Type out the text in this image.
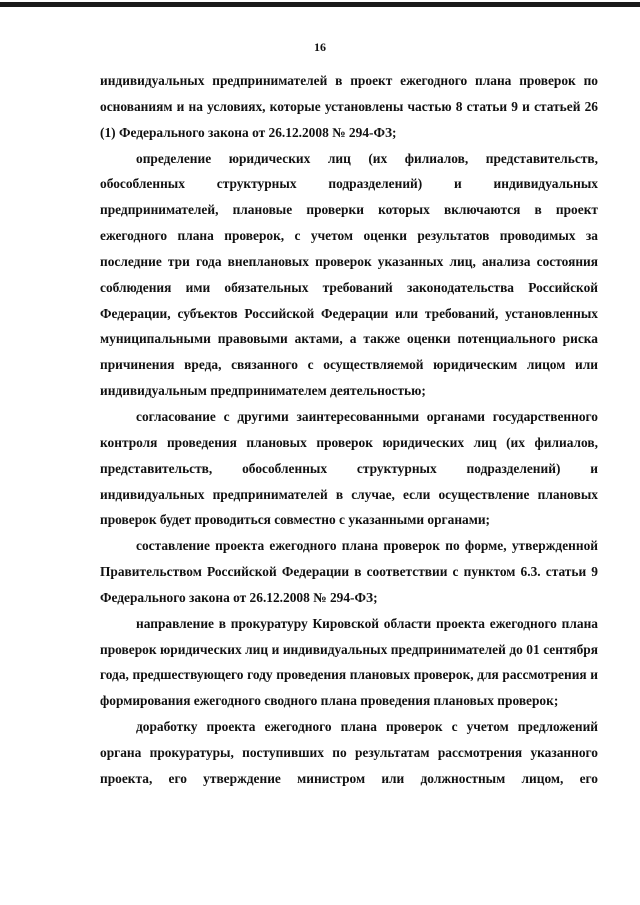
16

индивидуальных предпринимателей в проект ежегодного плана проверок по основаниям и на условиях, которые установлены частью 8 статьи 9 и статьей 26 (1) Федерального закона от 26.12.2008 № 294-ФЗ;

определение юридических лиц (их филиалов, представительств, обособленных структурных подразделений) и индивидуальных предпринимателей, плановые проверки которых включаются в проект ежегодного плана проверок, с учетом оценки результатов проводимых за последние три года внеплановых проверок указанных лиц, анализа состояния соблюдения ими обязательных требований законодательства Российской Федерации, субъектов Российской Федерации или требований, установленных муниципальными правовыми актами, а также оценки потенциального риска причинения вреда, связанного с осуществляемой юридическим лицом или индивидуальным предпринимателем деятельностью;

согласование с другими заинтересованными органами государственного контроля проведения плановых проверок юридических лиц (их филиалов, представительств, обособленных структурных подразделений) и индивидуальных предпринимателей в случае, если осуществление плановых проверок будет проводиться совместно с указанными органами;

составление проекта ежегодного плана проверок по форме, утвержденной Правительством Российской Федерации в соответствии с пунктом 6.3. статьи 9 Федерального закона от 26.12.2008 № 294-ФЗ;

направление в прокуратуру Кировской области проекта ежегодного плана проверок юридических лиц и индивидуальных предпринимателей до 01 сентября года, предшествующего году проведения плановых проверок, для рассмотрения и формирования ежегодного сводного плана проведения плановых проверок;

доработку проекта ежегодного плана проверок с учетом предложений органа прокуратуры, поступивших по результатам рассмотрения указанного проекта, его утверждение министром или должностным лицом, его
